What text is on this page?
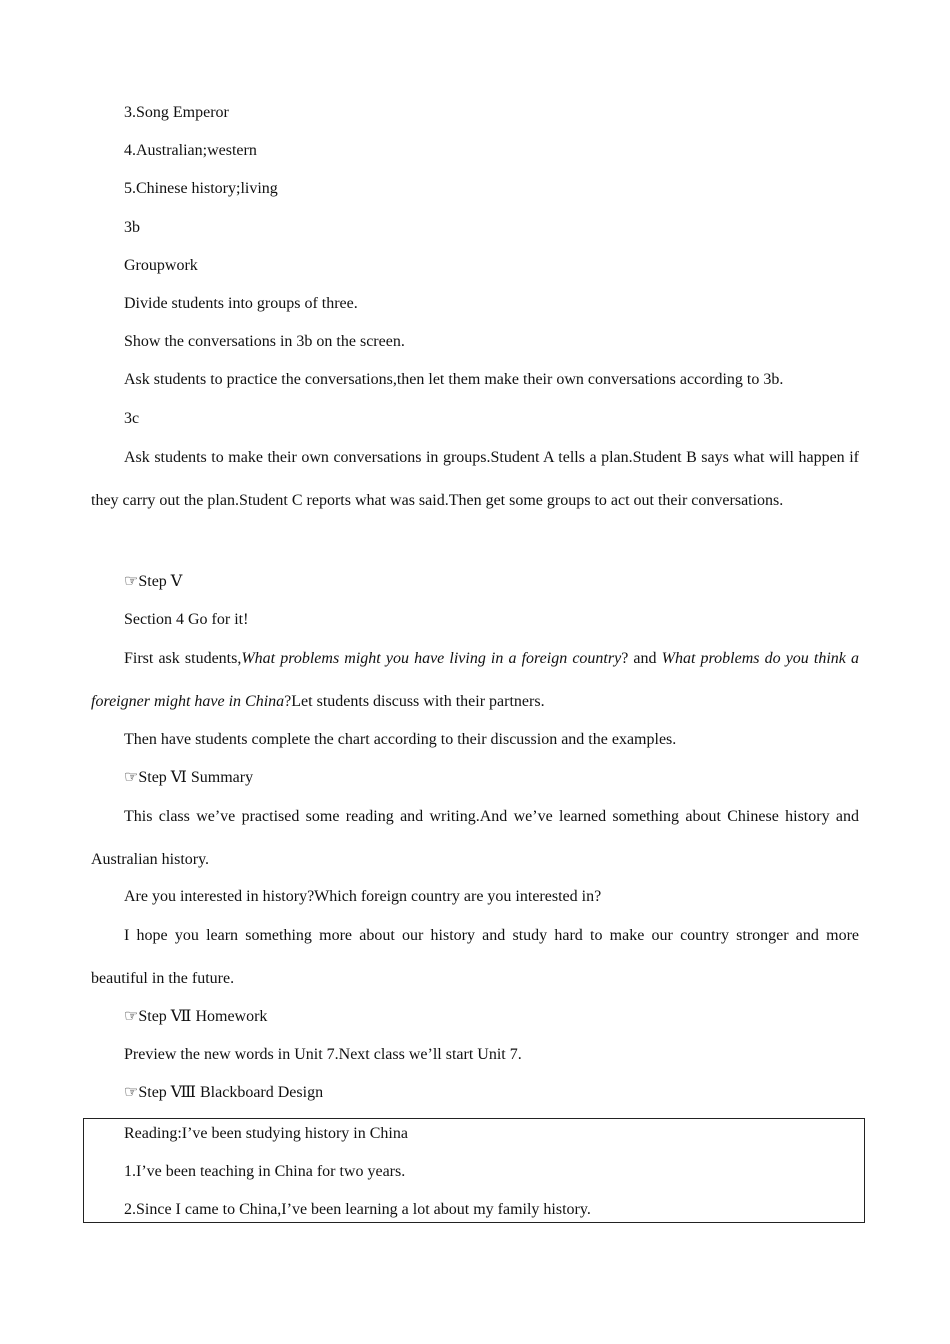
3.Song Emperor
4.Australian;western
5.Chinese history;living
3b
Groupwork
Divide students into groups of three.
Show the conversations in 3b on the screen.
Ask students to practice the conversations,then let them make their own conversations according to 3b.
3c
Ask students to make their own conversations in groups.Student A tells a plan.Student B says what will happen if they carry out the plan.Student C reports what was said.Then get some groups to act out their conversations.
☞Step Ⅴ
Section 4 Go for it!
First ask students,What problems might you have living in a foreign country? and What problems do you think a foreigner might have in China?Let students discuss with their partners.
Then have students complete the chart according to their discussion and the examples.
☞Step Ⅵ Summary
This class we’ve practised some reading and writing.And we’ve learned something about Chinese history and Australian history.
Are you interested in history?Which foreign country are you interested in?
I hope you learn something more about our history and study hard to make our country stronger and more beautiful in the future.
☞Step Ⅶ Homework
Preview the new words in Unit 7.Next class we’ll start Unit 7.
☞Step Ⅷ Blackboard Design
Reading:I’ve been studying history in China
1.I’ve been teaching in China for two years.
2.Since I came to China,I’ve been learning a lot about my family history.
